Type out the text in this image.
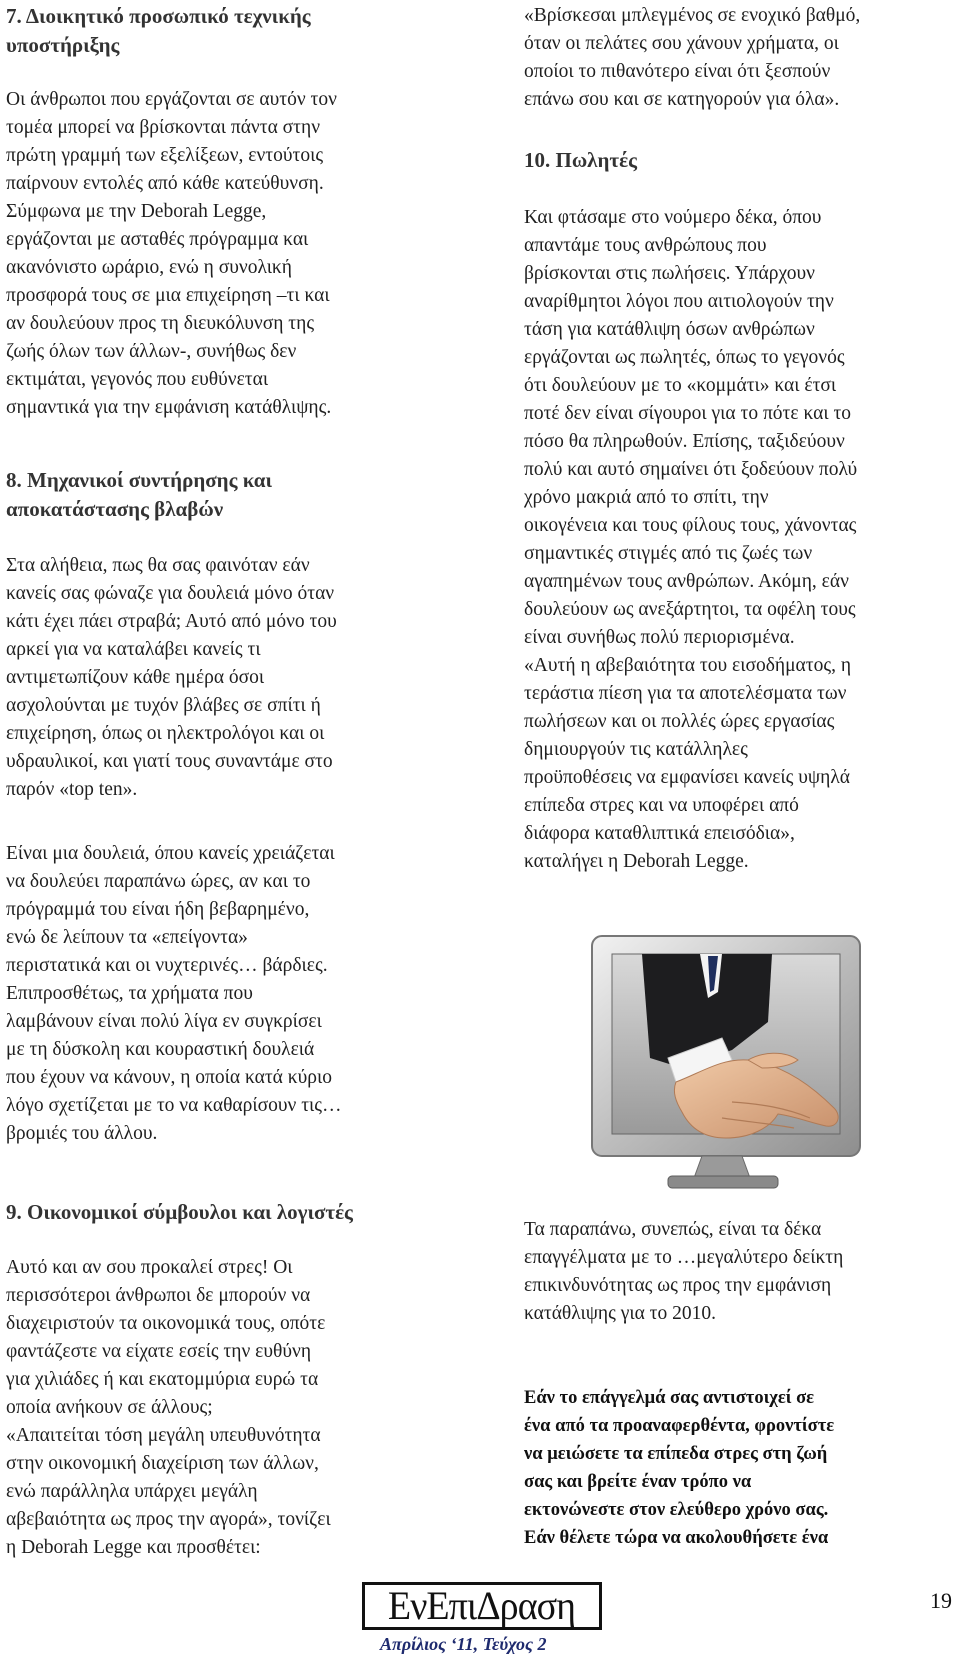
7. Διοικητικό προσωπικό τεχνικής
υποστήριξης
Οι άνθρωποι που εργάζονται σε αυτόν τον
τομέα μπορεί να βρίσκονται πάντα στην
πρώτη γραμμή των εξελίξεων, εντούτοις
παίρνουν εντολές από κάθε κατεύθυνση.
Σύμφωνα με την Deborah Legge,
εργάζονται με ασταθές πρόγραμμα και
ακανόνιστο ωράριο, ενώ η συνολική
προσφορά τους σε μια επιχείρηση –τι και
αν δουλεύουν προς τη διευκόλυνση της
ζωής όλων των άλλων-, συνήθως δεν
εκτιμάται, γεγονός που ευθύνεται
σημαντικά για την εμφάνιση κατάθλιψης.
8. Μηχανικοί συντήρησης και
αποκατάστασης βλαβών
Στα αλήθεια, πως θα σας φαινόταν εάν
κανείς σας φώναζε για δουλειά μόνο όταν
κάτι έχει πάει στραβά; Αυτό από μόνο του
αρκεί για να καταλάβει κανείς τι
αντιμετωπίζουν κάθε ημέρα όσοι
ασχολούνται με τυχόν βλάβες σε σπίτι ή
επιχείρηση, όπως οι ηλεκτρολόγοι και οι
υδραυλικοί, και γιατί τους συναντάμε στο
παρόν «top ten».
Είναι μια δουλειά, όπου κανείς χρειάζεται
να δουλεύει παραπάνω ώρες, αν και το
πρόγραμμά του είναι ήδη βεβαρημένο,
ενώ δε λείπουν τα «επείγοντα»
περιστατικά και οι νυχτερινές… βάρδιες.
Επιπροσθέτως, τα χρήματα που
λαμβάνουν είναι πολύ λίγα εν συγκρίσει
με τη δύσκολη και κουραστική δουλειά
που έχουν να κάνουν, η οποία κατά κύριο
λόγο σχετίζεται με το να καθαρίσουν τις…
βρομιές του άλλου.
9. Οικονομικοί σύμβουλοι και λογιστές
Αυτό και αν σου προκαλεί στρες! Οι
περισσότεροι άνθρωποι δε μπορούν να
διαχειριστούν τα οικονομικά τους, οπότε
φαντάζεστε να είχατε εσείς την ευθύνη
για χιλιάδες ή και εκατομμύρια ευρώ τα
οποία ανήκουν σε άλλους;
«Απαιτείται τόση μεγάλη υπευθυνότητα
στην οικονομική διαχείριση των άλλων,
ενώ παράλληλα υπάρχει μεγάλη
αβεβαιότητα ως προς την αγορά», τονίζει
η Deborah Legge και προσθέτει:
«Βρίσκεσαι μπλεγμένος σε ενοχικό βαθμό,
όταν οι πελάτες σου χάνουν χρήματα, οι
οποίοι το πιθανότερο είναι ότι ξεσπούν
επάνω σου και σε κατηγορούν για όλα».
10. Πωλητές
Και φτάσαμε στο νούμερο δέκα, όπου
απαντάμε τους ανθρώπους που
βρίσκονται στις πωλήσεις. Υπάρχουν
αναρίθμητοι λόγοι που αιτιολογούν την
τάση για κατάθλιψη όσων ανθρώπων
εργάζονται ως πωλητές, όπως το γεγονός
ότι δουλεύουν με το «κομμάτι» και έτσι
ποτέ δεν είναι σίγουροι για το πότε και το
πόσο θα πληρωθούν. Επίσης, ταξιδεύουν
πολύ και αυτό σημαίνει ότι ξοδεύουν πολύ
χρόνο μακριά από το σπίτι, την
οικογένεια και τους φίλους τους, χάνοντας
σημαντικές στιγμές από τις ζωές των
αγαπημένων τους ανθρώπων. Ακόμη, εάν
δουλεύουν ως ανεξάρτητοι, τα οφέλη τους
είναι συνήθως πολύ περιορισμένα.
«Αυτή η αβεβαιότητα του εισοδήματος, η
τεράστια πίεση για τα αποτελέσματα των
πωλήσεων και οι πολλές ώρες εργασίας
δημιουργούν τις κατάλληλες
προϋποθέσεις να εμφανίσει κανείς υψηλά
επίπεδα στρες και να υποφέρει από
διάφορα καταθλιπτικά επεισόδια»,
καταλήγει η Deborah Legge.
Τα παραπάνω, συνεπώς, είναι τα δέκα
επαγγέλματα με το …μεγαλύτερο δείκτη
επικινδυνότητας ως προς την εμφάνιση
κατάθλιψης για το 2010.
Εάν το επάγγελμά σας αντιστοιχεί σε
ένα από τα προαναφερθέντα, φροντίστε
να μειώσετε τα επίπεδα στρες στη ζωή
σας και βρείτε έναν τρόπο να
εκτονώνεστε στον ελεύθερο χρόνο σας.
Εάν θέλετε τώρα να ακολουθήσετε ένα
ΕνΕπιΔραση
Απρίλιος ‘11, Τεύχος 2
19
